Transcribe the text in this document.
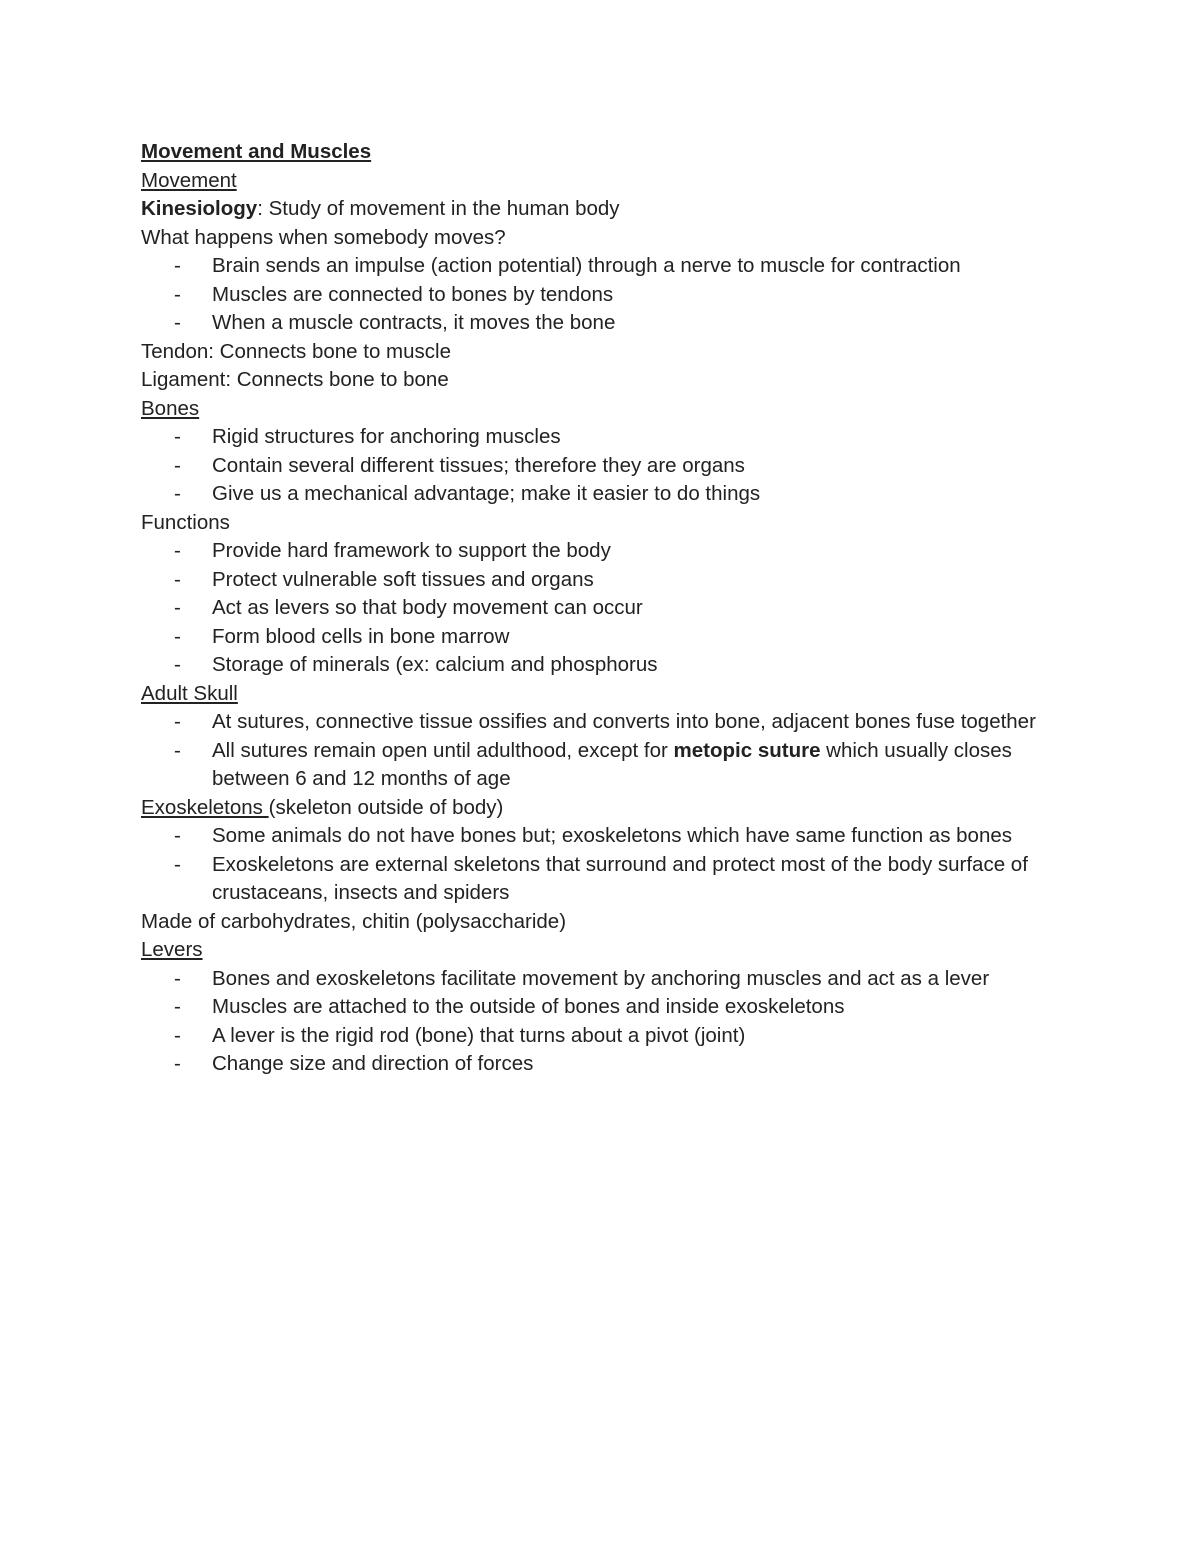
Movement and Muscles
Movement
Kinesiology: Study of movement in the human body
What happens when somebody moves?
- Brain sends an impulse (action potential) through a nerve to muscle for contraction
- Muscles are connected to bones by tendons
- When a muscle contracts, it moves the bone
Tendon: Connects bone to muscle
Ligament: Connects bone to bone
Bones
- Rigid structures for anchoring muscles
- Contain several different tissues; therefore they are organs
- Give us a mechanical advantage; make it easier to do things
Functions
- Provide hard framework to support the body
- Protect vulnerable soft tissues and organs
- Act as levers so that body movement can occur
- Form blood cells in bone marrow
- Storage of minerals (ex: calcium and phosphorus
Adult Skull
- At sutures, connective tissue ossifies and converts into bone, adjacent bones fuse together
- All sutures remain open until adulthood, except for metopic suture which usually closes between 6 and 12 months of age
Exoskeletons (skeleton outside of body)
- Some animals do not have bones but; exoskeletons which have same function as bones
- Exoskeletons are external skeletons that surround and protect most of the body surface of crustaceans, insects and spiders
Made of carbohydrates, chitin (polysaccharide)
Levers
- Bones and exoskeletons facilitate movement by anchoring muscles and act as a lever
- Muscles are attached to the outside of bones and inside exoskeletons
- A lever is the rigid rod (bone) that turns about a pivot (joint)
- Change size and direction of forces
